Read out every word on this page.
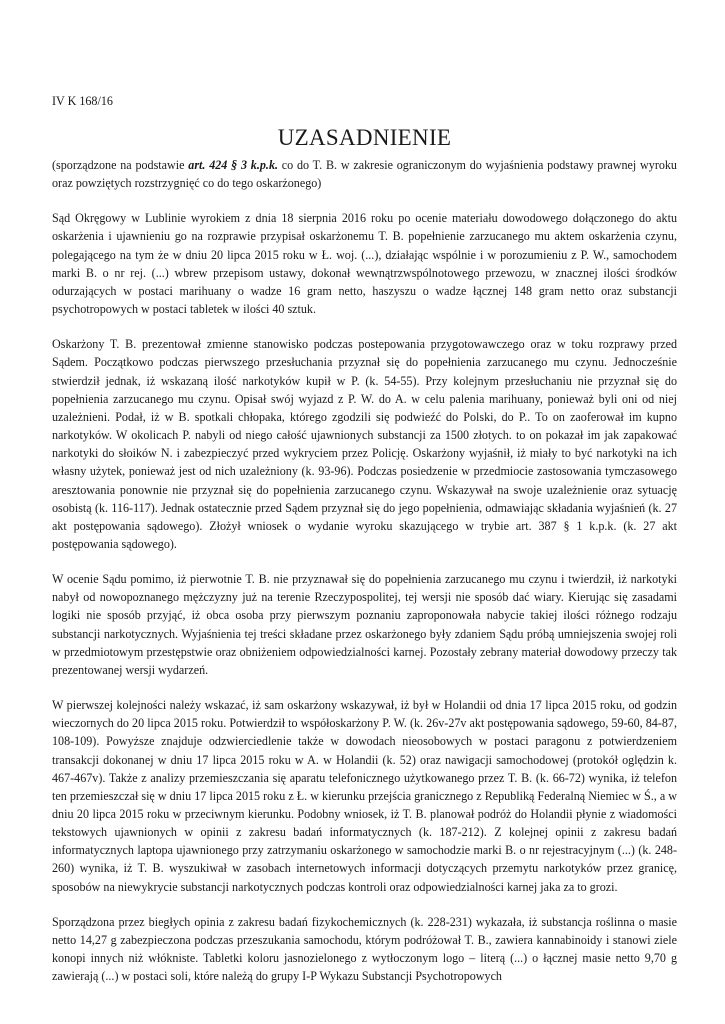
IV K 168/16

UZASADNIENIE

(sporządzone na podstawie art. 424 § 3 k.p.k. co do T. B. w zakresie ograniczonym do wyjaśnienia podstawy prawnej wyroku oraz powziętych rozstrzygnięć co do tego oskarżonego)

Sąd Okręgowy w Lublinie wyrokiem z dnia 18 sierpnia 2016 roku po ocenie materiału dowodowego dołączonego do aktu oskarżenia i ujawnieniu go na rozprawie przypisał oskarżonemu T. B. popełnienie zarzucanego mu aktem oskarżenia czynu, polegającego na tym że w dniu 20 lipca 2015 roku w Ł. woj. (...), działając wspólnie i w porozumieniu z P. W., samochodem marki B. o nr rej. (...) wbrew przepisom ustawy, dokonał wewnątrzwspólnotowego przewozu, w znacznej ilości środków odurzających w postaci marihuany o wadze 16 gram netto, haszyszu o wadze łącznej 148 gram netto oraz substancji psychotropowych w postaci tabletek w ilości 40 sztuk.

Oskarżony T. B. prezentował zmienne stanowisko podczas postepowania przygotowawczego oraz w toku rozprawy przed Sądem. Początkowo podczas pierwszego przesłuchania przyznał się do popełnienia zarzucanego mu czynu. Jednocześnie stwierdził jednak, iż wskazaną ilość narkotyków kupił w P. (k. 54-55). Przy kolejnym przesłuchaniu nie przyznał się do popełnienia zarzucanego mu czynu. Opisał swój wyjazd z P. W. do A. w celu palenia marihuany, ponieważ byli oni od niej uzależnieni. Podał, iż w B. spotkali chłopaka, którego zgodzili się podwieźć do Polski, do P.. To on zaoferował im kupno narkotyków. W okolicach P. nabyli od niego całość ujawnionych substancji za 1500 złotych. to on pokazał im jak zapakować narkotyki do słoików N. i zabezpieczyć przed wykryciem przez Policję. Oskarżony wyjaśnił, iż miały to być narkotyki na ich własny użytek, ponieważ jest od nich uzależniony (k. 93-96). Podczas posiedzenie w przedmiocie zastosowania tymczasowego aresztowania ponownie nie przyznał się do popełnienia zarzucanego czynu. Wskazywał na swoje uzależnienie oraz sytuację osobistą (k. 116-117). Jednak ostatecznie przed Sądem przyznał się do jego popełnienia, odmawiając składania wyjaśnień (k. 27 akt postępowania sądowego). Złożył wniosek o wydanie wyroku skazującego w trybie art. 387 § 1 k.p.k. (k. 27 akt postępowania sądowego).

W ocenie Sądu pomimo, iż pierwotnie T. B. nie przyznawał się do popełnienia zarzucanego mu czynu i twierdził, iż narkotyki nabył od nowopoznanego mężczyzny już na terenie Rzeczypospolitej, tej wersji nie sposób dać wiary. Kierując się zasadami logiki nie sposób przyjąć, iż obca osoba przy pierwszym poznaniu zaproponowała nabycie takiej ilości różnego rodzaju substancji narkotycznych. Wyjaśnienia tej treści składane przez oskarżonego były zdaniem Sądu próbą umniejszenia swojej roli w przedmiotowym przestępstwie oraz obniżeniem odpowiedzialności karnej. Pozostały zebrany materiał dowodowy przeczy tak prezentowanej wersji wydarzeń.

W pierwszej kolejności należy wskazać, iż sam oskarżony wskazywał, iż był w Holandii od dnia 17 lipca 2015 roku, od godzin wieczornych do 20 lipca 2015 roku. Potwierdził to współoskarżony P. W. (k. 26v-27v akt postępowania sądowego, 59-60, 84-87, 108-109). Powyższe znajduje odzwierciedlenie także w dowodach nieosobowych w postaci paragonu z potwierdzeniem transakcji dokonanej w dniu 17 lipca 2015 roku w A. w Holandii (k. 52) oraz nawigacji samochodowej (protokół oględzin k. 467-467v). Także z analizy przemieszczania się aparatu telefonicznego użytkowanego przez T. B. (k. 66-72) wynika, iż telefon ten przemieszczał się w dniu 17 lipca 2015 roku z Ł. w kierunku przejścia granicznego z Republiką Federalną Niemiec w Ś., a w dniu 20 lipca 2015 roku w przeciwnym kierunku. Podobny wniosek, iż T. B. planował podróż do Holandii płynie z wiadomości tekstowych ujawnionych w opinii z zakresu badań informatycznych (k. 187-212). Z kolejnej opinii z zakresu badań informatycznych laptopa ujawnionego przy zatrzymaniu oskarżonego w samochodzie marki B. o nr rejestracyjnym (...) (k. 248-260) wynika, iż T. B. wyszukiwał w zasobach internetowych informacji dotyczących przemytu narkotyków przez granicę, sposobów na niewykrycie substancji narkotycznych podczas kontroli oraz odpowiedzialności karnej jaka za to grozi.

Sporządzona przez biegłych opinia z zakresu badań fizykochemicznych (k. 228-231) wykazała, iż substancja roślinna o masie netto 14,27 g zabezpieczona podczas przeszukania samochodu, którym podróżował T. B., zawiera kannabinoidy i stanowi ziele konopi innych niż włókniste. Tabletki koloru jasnozielonego z wytłoczonym logo – literą (...) o łącznej masie netto 9,70 g zawierają (...) w postaci soli, które należą do grupy I-P Wykazu Substancji Psychotropowych
